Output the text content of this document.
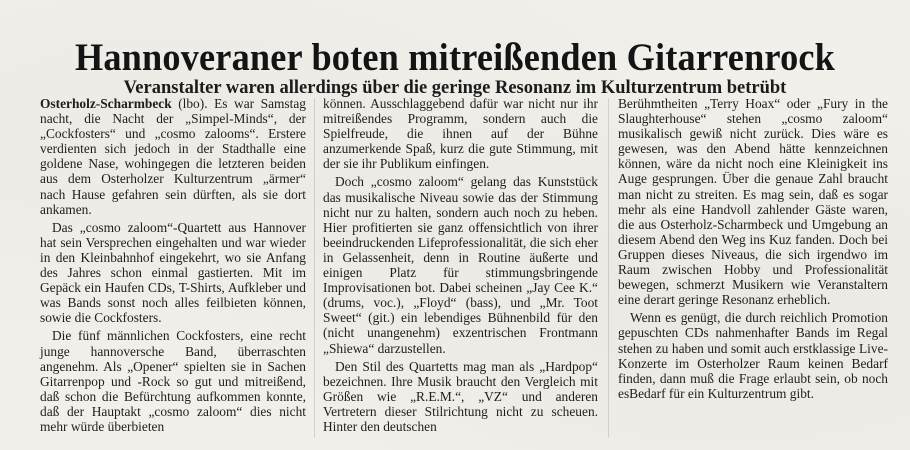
Hannoveraner boten mitreißenden Gitarrenrock
Veranstalter waren allerdings über die geringe Resonanz im Kulturzentrum betrübt

Osterholz-Scharmbeck (lbo). Es war Samstag nacht, die Nacht der „Simpel-Minds“, der „Cockfosters“ und „cosmo zalooms“. Erstere verdienten sich jedoch in der Stadthalle eine goldene Nase, wohingegen die letzteren beiden aus dem Osterholzer Kulturzentrum „ärmer“ nach Hause gefahren sein dürften, als sie dort ankamen.

Das „cosmo zaloom“-Quartett aus Hannover hat sein Versprechen eingehalten und war wieder in den Kleinbahnhof eingekehrt, wo sie Anfang des Jahres schon einmal gastierten. Mit im Gepäck ein Haufen CDs, T-Shirts, Aufkleber und was Bands sonst noch alles feilbieten können, sowie die Cockfosters.

Die fünf männlichen Cockfosters, eine recht junge hannoversche Band, überraschten angenehm. Als „Opener“ spielten sie in Sachen Gitarrenpop und -Rock so gut und mitreißend, daß schon die Befürchtung aufkommen konnte, daß der Hauptakt „cosmo zaloom“ dies nicht mehr würde überbieten

können. Ausschlaggebend dafür war nicht nur ihr mitreißendes Programm, sondern auch die Spielfreude, die ihnen auf der Bühne anzumerkende Spaß, kurz die gute Stimmung, mit der sie ihr Publikum einfingen.

Doch „cosmo zaloom“ gelang das Kunststück das musikalische Niveau sowie das der Stimmung nicht nur zu halten, sondern auch noch zu heben. Hier profitierten sie ganz offensichtlich von ihrer beeindruckenden Lifeprofessionalität, die sich eher in Gelassenheit, denn in Routine äußerte und einigen Platz für stimmungsbringende Improvisationen bot. Dabei scheinen „Jay Cee K.“ (drums, voc.), „Floyd“ (bass), und „Mr. Toot Sweet“ (git.) ein lebendiges Bühnenbild für den (nicht unangenehm) exzentrischen Frontmann „Shiewa“ darzustellen.

Den Stil des Quartetts mag man als „Hardpop“ bezeichnen. Ihre Musik braucht den Vergleich mit Größen wie „R.E.M.“, „VZ“ und anderen Vertretern dieser Stilrichtung nicht zu scheuen. Hinter den deutschen

Berühmtheiten „Terry Hoax“ oder „Fury in the Slaughterhouse“ stehen „cosmo zaloom“ musikalisch gewiß nicht zurück. Dies wäre es gewesen, was den Abend hätte kennzeichnen können, wäre da nicht noch eine Kleinigkeit ins Auge gesprungen. Über die genaue Zahl braucht man nicht zu streiten. Es mag sein, daß es sogar mehr als eine Handvoll zahlender Gäste waren, die aus Osterholz-Scharmbeck und Umgebung an diesem Abend den Weg ins Kuz fanden. Doch bei Gruppen dieses Niveaus, die sich irgendwo im Raum zwischen Hobby und Professionalität bewegen, schmerzt Musikern wie Veranstaltern eine derart geringe Resonanz erheblich.

Wenn es genügt, die durch reichlich Promotion gepuschten CDs nahmenhafter Bands im Regal stehen zu haben und somit auch erstklassige Live-Konzerte im Osterholzer Raum keinen Bedarf finden, dann muß die Frage erlaubt sein, ob noch esBedarf für ein Kulturzentrum gibt.
